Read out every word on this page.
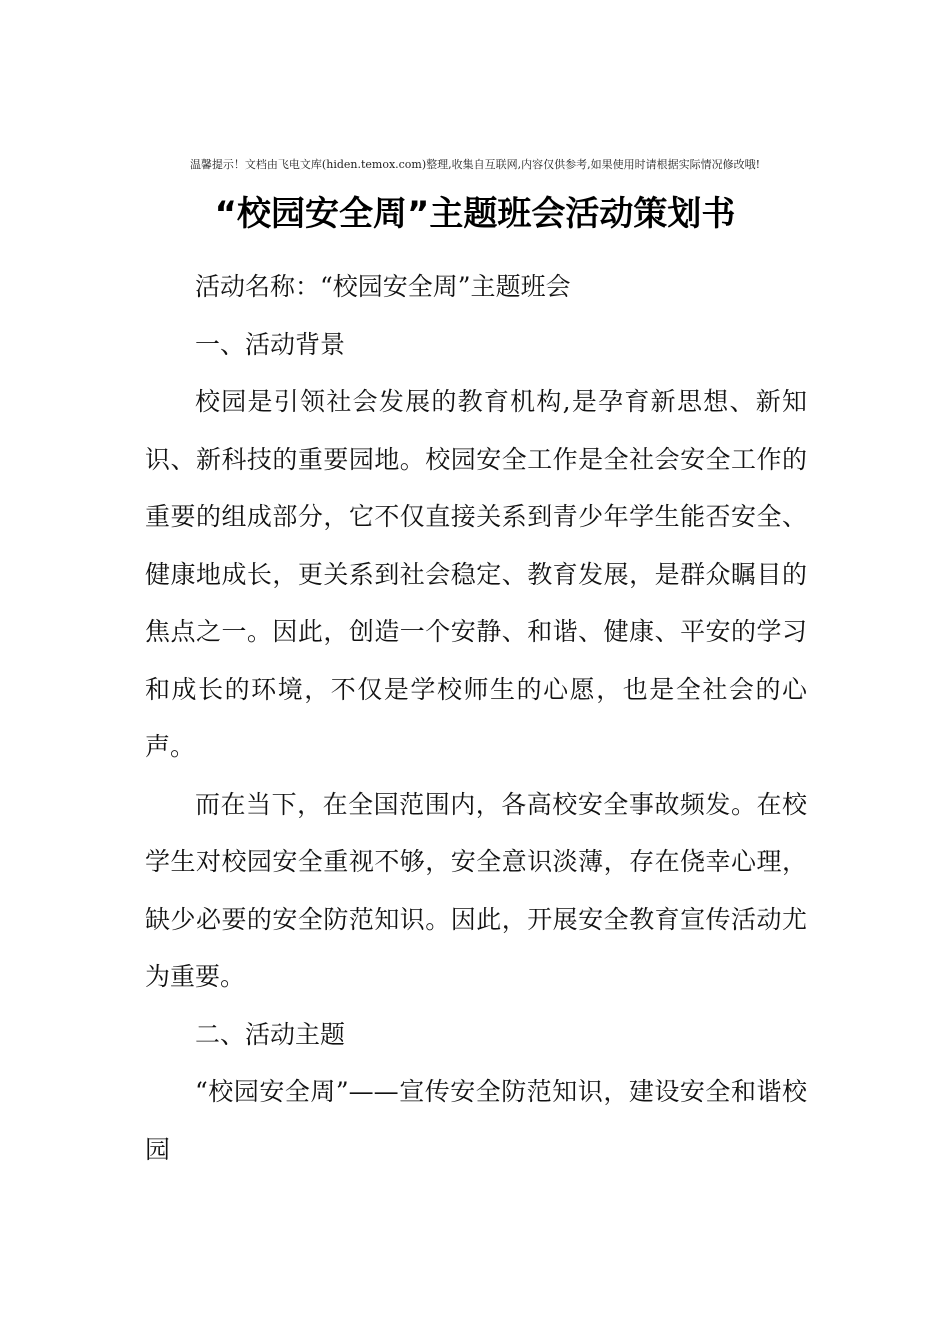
温馨提示！文档由飞电文库(hiden.temox.com)整理,收集自互联网,内容仅供参考,如果使用时请根据实际情况修改哦!
“校园安全周”主题班会活动策划书

活动名称：“校园安全周”主题班会

一、活动背景

校园是引领社会发展的教育机构,是孕育新思想、新知识、新科技的重要园地。校园安全工作是全社会安全工作的重要的组成部分，它不仅直接关系到青少年学生能否安全、健康地成长，更关系到社会稳定、教育发展，是群众瞩目的焦点之一。因此，创造一个安静、和谐、健康、平安的学习和成长的环境，不仅是学校师生的心愿，也是全社会的心声。

而在当下，在全国范围内，各高校安全事故频发。在校学生对校园安全重视不够，安全意识淡薄，存在侥幸心理，缺少必要的安全防范知识。因此，开展安全教育宣传活动尤为重要。

二、活动主题

“校园安全周”——宣传安全防范知识，建设安全和谐校园
